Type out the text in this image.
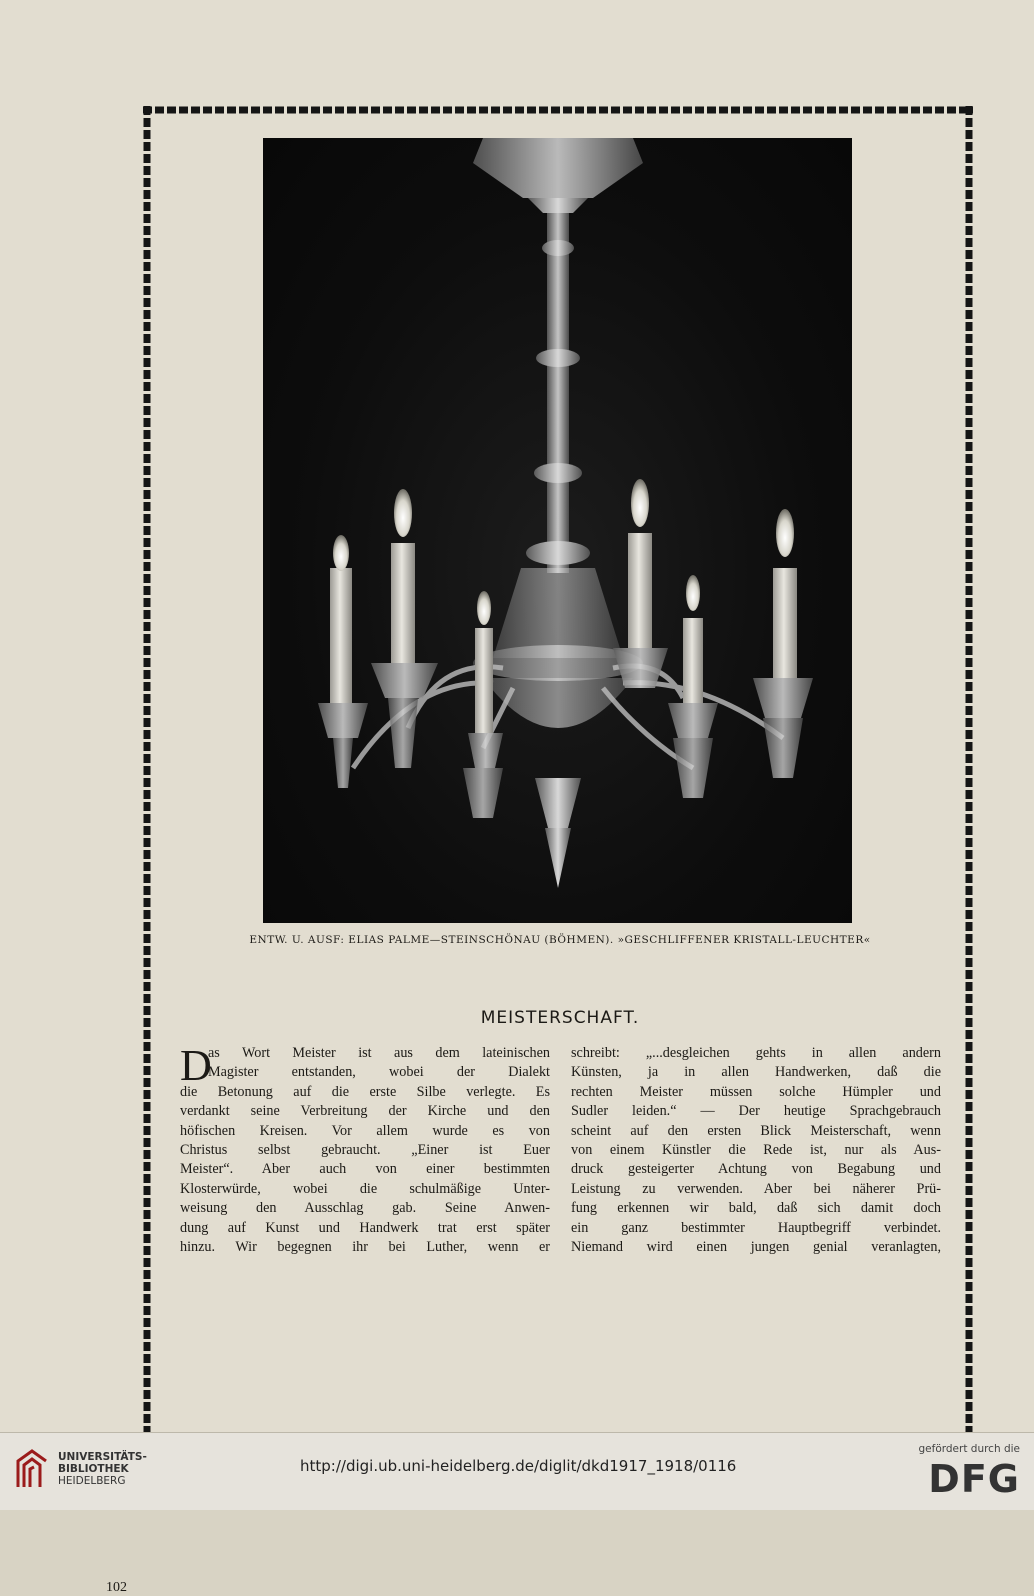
ENTW. U. AUSF: ELIAS PALME—STEINSCHÖNAU (BÖHMEN). »GESCHLIFFENER KRISTALL-LEUCHTER«
MEISTERSCHAFT.
D
as Wort Meister ist aus dem lateinischen
Magister entstanden, wobei der Dialekt
die Betonung auf die erste Silbe verlegte. Es
verdankt seine Verbreitung der Kirche und den
höfischen Kreisen. Vor allem wurde es von
Christus selbst gebraucht. „Einer ist Euer
Meister“. Aber auch von einer bestimmten
Klosterwürde, wobei die schulmäßige Unter-
weisung den Ausschlag gab. Seine Anwen-
dung auf Kunst und Handwerk trat erst später
hinzu. Wir begegnen ihr bei Luther, wenn er
schreibt: „...desgleichen gehts in allen andern
Künsten, ja in allen Handwerken, daß die
rechten Meister müssen solche Hümpler und
Sudler leiden.“ — Der heutige Sprachgebrauch
scheint auf den ersten Blick Meisterschaft, wenn
von einem Künstler die Rede ist, nur als Aus-
druck gesteigerter Achtung von Begabung und
Leistung zu verwenden. Aber bei näherer Prü-
fung erkennen wir bald, daß sich damit doch
ein ganz bestimmter Hauptbegriff verbindet.
Niemand wird einen jungen genial veranlagten,
102
UNIVERSITÄTS-
BIBLIOTHEK
HEIDELBERG
http://digi.ub.uni-heidelberg.de/diglit/dkd1917_1918/0116
gefördert durch die
DFG
